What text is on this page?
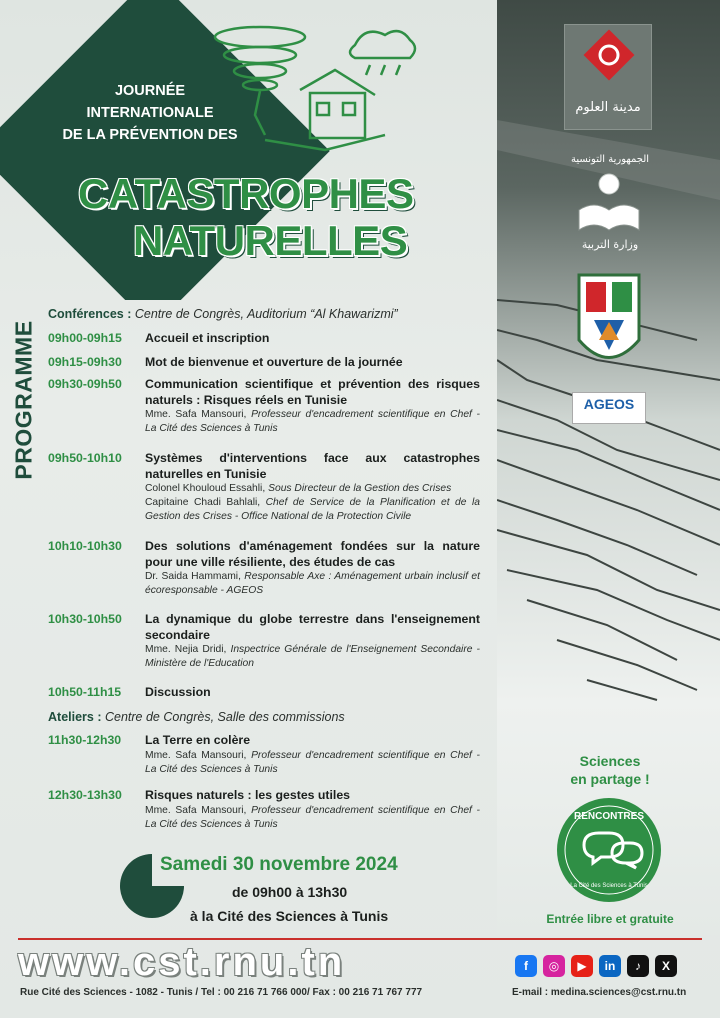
JOURNÉE
INTERNATIONALE
DE LA PRÉVENTION DES
CATASTROPHES
NATURELLES
PROGRAMME
Conférences : Centre de Congrès, Auditorium “Al Khawarizmi”
09h00-09h15 Accueil et inscription
09h15-09h30 Mot de bienvenue et ouverture de la journée
09h30-09h50 Communication scientifique et prévention des risques naturels : Risques réels en Tunisie
Mme. Safa Mansouri, Professeur d'encadrement scientifique en Chef - La Cité des Sciences à Tunis
09h50-10h10 Systèmes d'interventions face aux catastrophes naturelles en Tunisie
Colonel Khouloud Essahli, Sous Directeur de la Gestion des Crises
Capitaine Chadi Bahlali, Chef de Service de la Planification et de la Gestion des Crises - Office National de la Protection Civile
10h10-10h30 Des solutions d'aménagement fondées sur la nature pour une ville résiliente, des études de cas
Dr. Saida Hammami, Responsable Axe : Aménagement urbain inclusif et écoresponsable - AGEOS
10h30-10h50 La dynamique du globe terrestre dans l'enseignement secondaire
Mme. Nejia Dridi, Inspectrice Générale de l'Enseignement Secondaire - Ministère de l'Education
10h50-11h15 Discussion
Ateliers : Centre de Congrès, Salle des commissions
11h30-12h30 La Terre en colère
Mme. Safa Mansouri, Professeur d'encadrement scientifique en Chef - La Cité des Sciences à Tunis
12h30-13h30 Risques naturels : les gestes utiles
Mme. Safa Mansouri, Professeur d'encadrement scientifique en Chef - La Cité des Sciences à Tunis
Samedi 30 novembre 2024
de 09h00 à 13h30
à la Cité des Sciences à Tunis
مدينة العلوم
الجمهورية التونسية
وزارة التربية
AGEOS
Sciences
en partage !
RENCONTRES
La Cité des Sciences à Tunis
Entrée libre et gratuite
www.cst.rnu.tn
Rue Cité des Sciences - 1082 - Tunis / Tel : 00 216 71 766 000/ Fax : 00 216 71 767 777
f	◎	▶	in	♪	X
E-mail : medina.sciences@cst.rnu.tn
